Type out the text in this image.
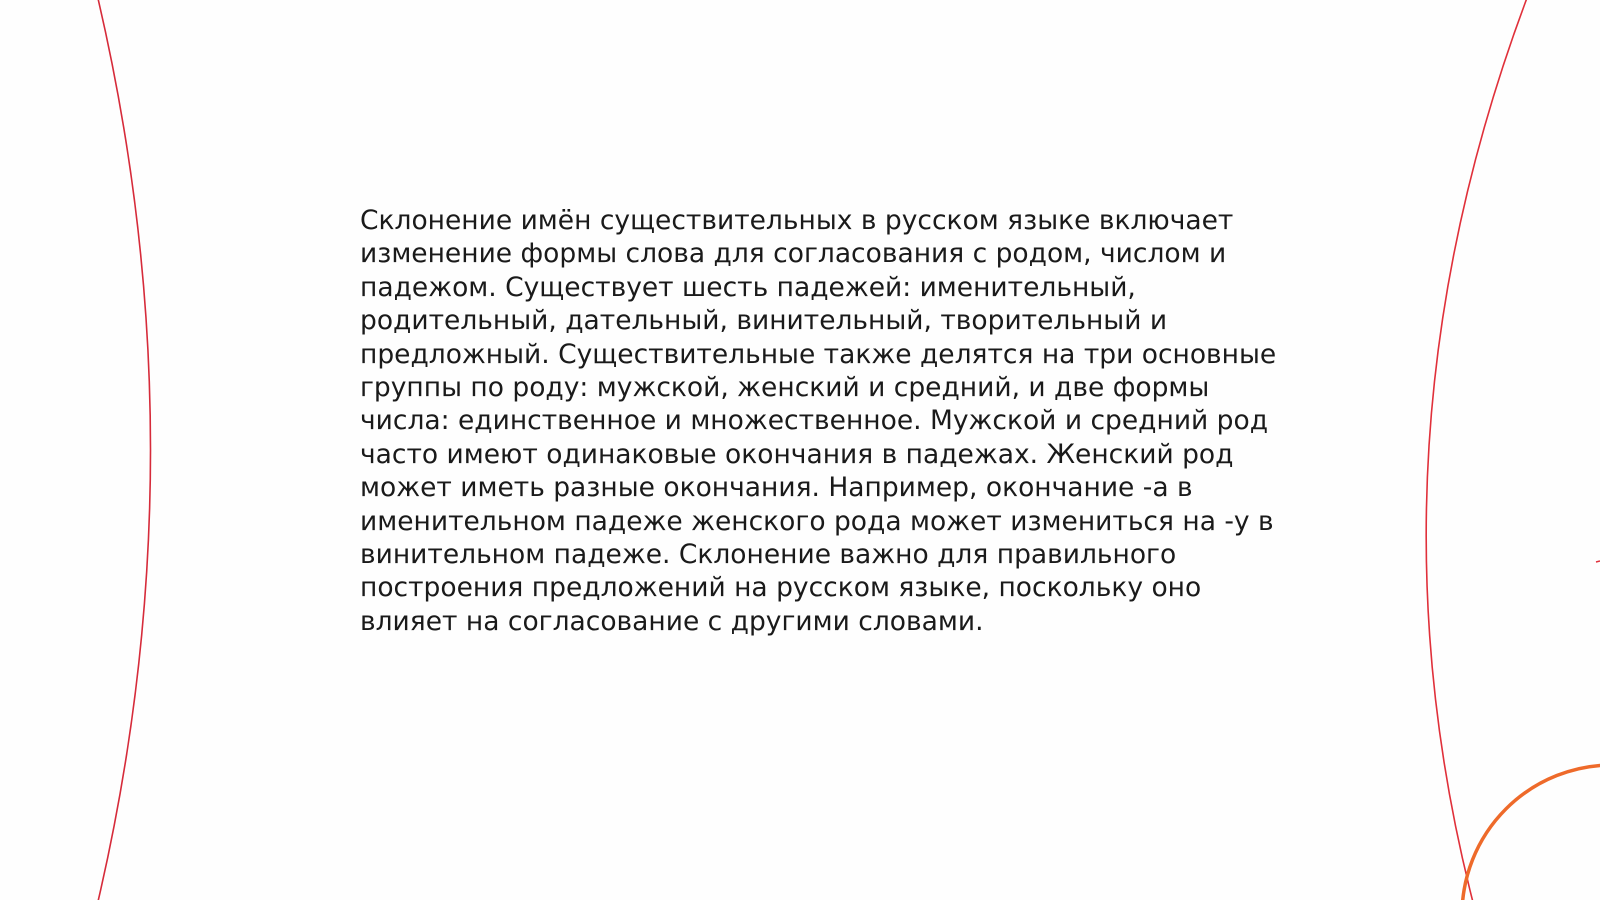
Склонение имён существительных в русском языке включает
изменение формы слова для согласования с родом, числом и
падежом. Существует шесть падежей: именительный,
родительный, дательный, винительный, творительный и
предложный. Существительные также делятся на три основные
группы по роду: мужской, женский и средний, и две формы
числа: единственное и множественное. Мужской и средний род
часто имеют одинаковые окончания в падежах. Женский род
может иметь разные окончания. Например, окончание -а в
именительном падеже женского рода может измениться на -у в
винительном падеже. Склонение важно для правильного
построения предложений на русском языке, поскольку оно
влияет на согласование с другими словами.
